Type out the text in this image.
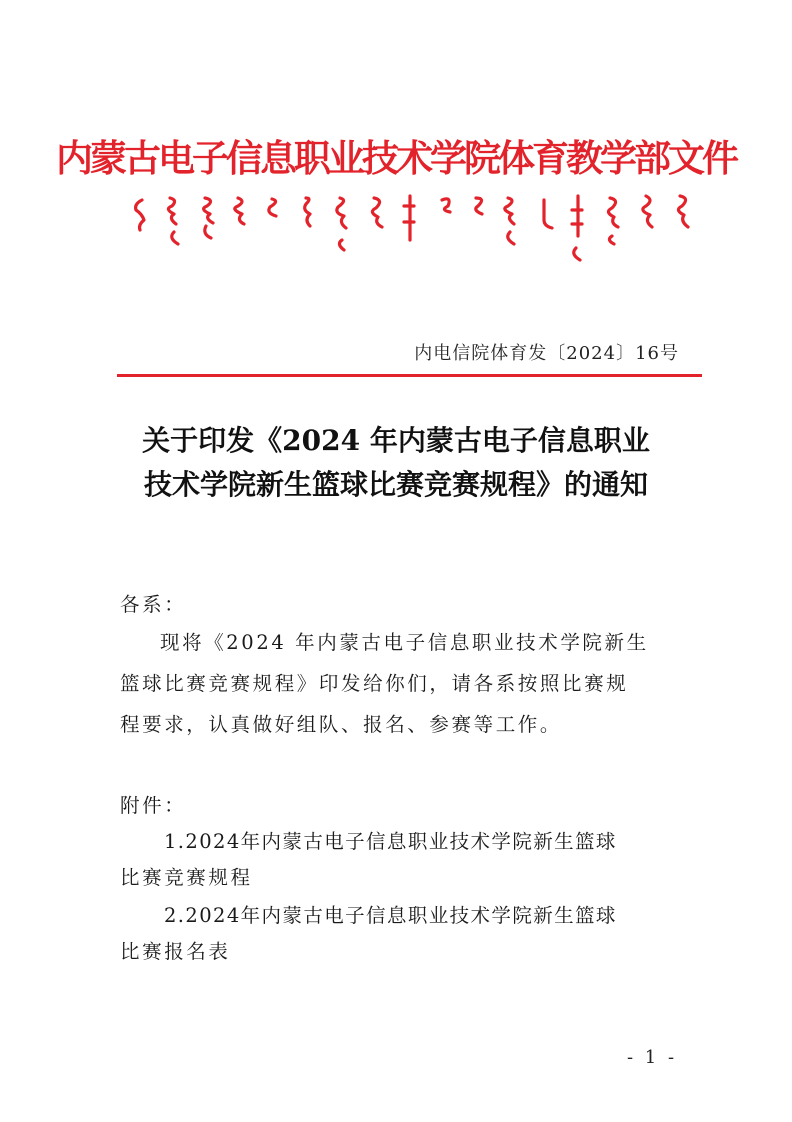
内蒙古电子信息职业技术学院体育教学部文件
内电信院体育发〔2024〕16号
关于印发《2024 年内蒙古电子信息职业
技术学院新生篮球比赛竞赛规程》的通知
各系：
现将《2024 年内蒙古电子信息职业技术学院新生
篮球比赛竞赛规程》印发给你们，请各系按照比赛规
程要求，认真做好组队、报名、参赛等工作。
附件：
1.2024年内蒙古电子信息职业技术学院新生篮球
比赛竞赛规程
2.2024年内蒙古电子信息职业技术学院新生篮球
比赛报名表
- 1 -
